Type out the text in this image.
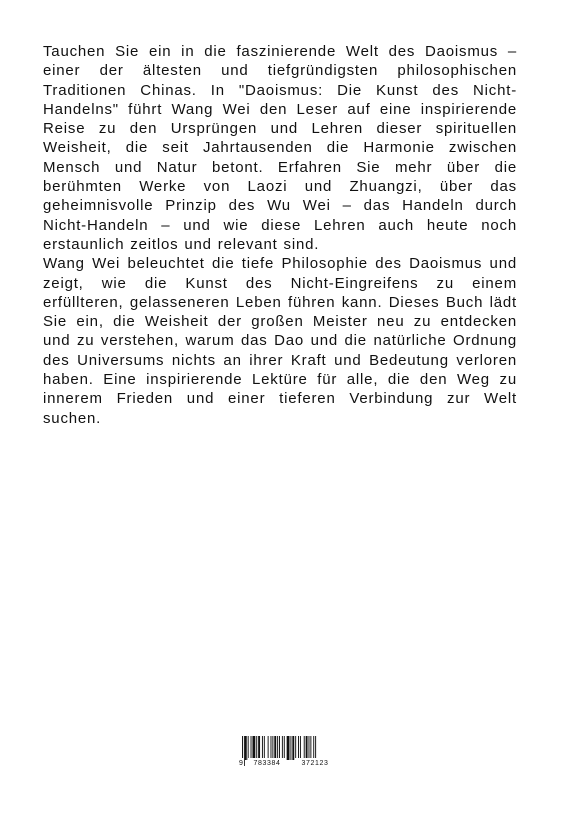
Tauchen Sie ein in die faszinierende Welt des Daoismus – einer der ältesten und tiefgründigsten philosophischen Traditionen Chinas. In "Daoismus: Die Kunst des Nicht-Handelns" führt Wang Wei den Leser auf eine inspirierende Reise zu den Ursprüngen und Lehren dieser spirituellen Weisheit, die seit Jahrtausenden die Harmonie zwischen Mensch und Natur betont. Erfahren Sie mehr über die berühmten Werke von Laozi und Zhuangzi, über das geheimnisvolle Prinzip des Wu Wei – das Handeln durch Nicht-Handeln – und wie diese Lehren auch heute noch erstaunlich zeitlos und relevant sind.

Wang Wei beleuchtet die tiefe Philosophie des Daoismus und zeigt, wie die Kunst des Nicht-Eingreifens zu einem erfüllteren, gelasseneren Leben führen kann. Dieses Buch lädt Sie ein, die Weisheit der großen Meister neu zu entdecken und zu verstehen, warum das Dao und die natürliche Ordnung des Universums nichts an ihrer Kraft und Bedeutung verloren haben. Eine inspirierende Lektüre für alle, die den Weg zu innerem Frieden und einer tieferen Verbindung zur Welt suchen.

9	783384	372123
